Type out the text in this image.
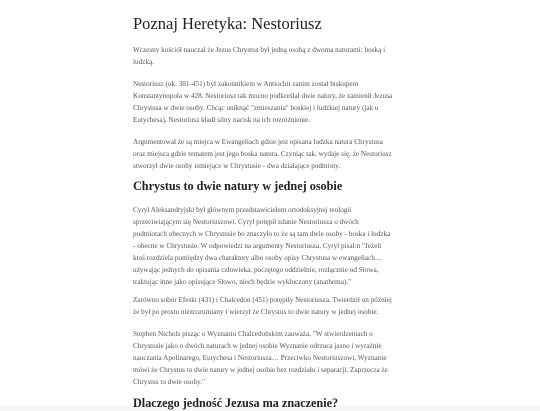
Poznaj Heretyka: Nestoriusz
Wczesny kościół nauczał że Jezus Chrystus był jedną osobą z dwoma naturami: boską i
ludzką.
Nestoriusz (ok. 381-451) był zakonnikiem w Antiochii zanim został biskupem
Konstantynopola w 428. Nestoriusz tak mocno podkreślał dwie natury, że zamienił Jezusa
Chrystusa w dwie osoby. Chcąc uniknąć "zmieszania" boskiej i ludzkiej natury (jak u
Eutychesa), Nestoriusz kładł silny nacisk na ich rozróżnienie.
Argumentował że są miejca w Ewangeliach gdzie jest opisana ludzka natura Chrystusa
oraz miejsca gdzie tematem jest jego boska natura. Czyniąc tak, wydaje się, że Nestoriusz
stworzył dwie osoby istniejące w Chrystusie - dwa działające podmioty.
Chrystus to dwie natury w jednej osobie
Cyryl Aleksandryjski był głównym przedstawicielem ortodoksyjnej teologii
sprzeciwiającym się Nestoriuszowi. Cyryl potępił zdanie Nestoriusza o dwóch
podmiotach obecnych w Chrystusie bo znaczyło to że są tam dwie osoby - boska i ludzka
- obecne w Chrystusie. W odpowiedzi na argumenty Nestoriusza, Cyryl pisał:n "Jeżeli
ktoś rozdziela pomiędzy dwa charaktery albo osoby opisy Chrystusa w ewangeliach…
używając jednych do opisania człowieka, poczętego oddzielnie, rozłącznie od Słowa,
traktując inne jako opisujące Słowo, niech będzie wykluczony (anathema)."
Zarówno sobór Efeski (431) i Chalcedon (451) potępiły Nestoriusza. Twierdził on później
że był po prostu niezrozumiany i wierzył że Chrystus to dwie natury w jednej osobie.
Stephen Nichols pisząc o Wyznaniu Chalcedońskim zauważa, "W stwierdzeniach o
Chrystusie jako o dwóch naturach w jednej osobie Wyznanie odrzuca jasno i wyraźnie
nauczania Apolinarego, Eutychesa i Nestoriusza… Przeciwko Nestoriuszowi, Wyznanie
mówi że Chrystus to dwie natury w jednej osobie bez rozdziału i separacji. Zaprzecza że
Chrystus to dwie osoby."
Dlaczego jedność Jezusa ma znaczenie?
